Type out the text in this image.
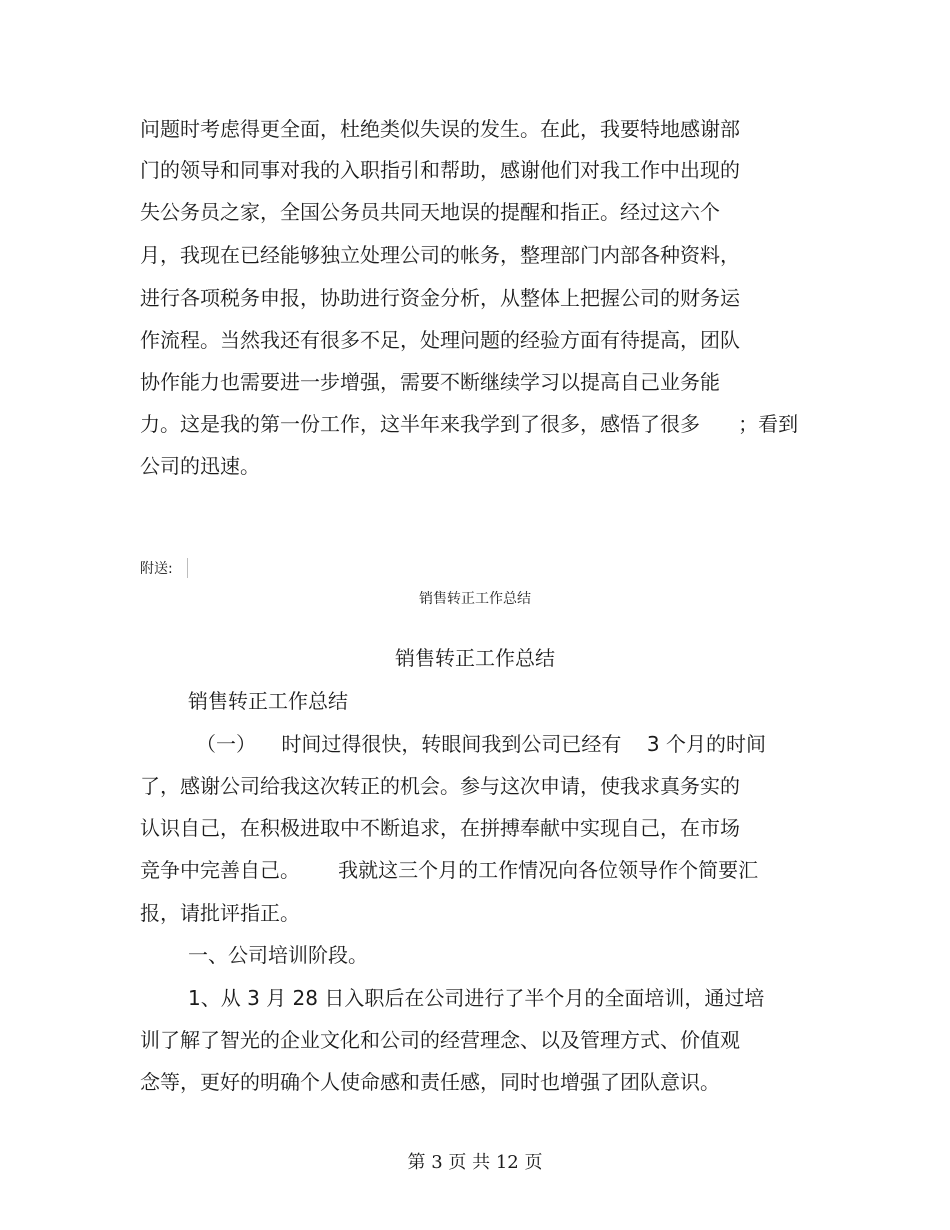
问题时考虑得更全面，杜绝类似失误的发生。在此，我要特地感谢部
门的领导和同事对我的入职指引和帮助，感谢他们对我工作中出现的
失公务员之家，全国公务员共同天地误的提醒和指正。经过这六个
月，我现在已经能够独立处理公司的帐务，整理部门内部各种资料，
进行各项税务申报，协助进行资金分析，从整体上把握公司的财务运
作流程。当然我还有很多不足，处理问题的经验方面有待提高，团队
协作能力也需要进一步增强，需要不断继续学习以提高自己业务能
力。这是我的第一份工作，这半年来我学到了很多，感悟了很多      ；看到
公司的迅速。
附送:
销售转正工作总结
销售转正工作总结
销售转正工作总结
（一）    时间过得很快，转眼间我到公司已经有    3 个月的时间
了，感谢公司给我这次转正的机会。参与这次申请，使我求真务实的
认识自己，在积极进取中不断追求，在拼搏奉献中实现自己，在市场
竞争中完善自己。      我就这三个月的工作情况向各位领导作个简要汇
报，请批评指正。
一、公司培训阶段。
1、从 3 月 28 日入职后在公司进行了半个月的全面培训，通过培
训了解了智光的企业文化和公司的经营理念、以及管理方式、价值观
念等，更好的明确个人使命感和责任感，同时也增强了团队意识。
第 3 页 共 12 页
